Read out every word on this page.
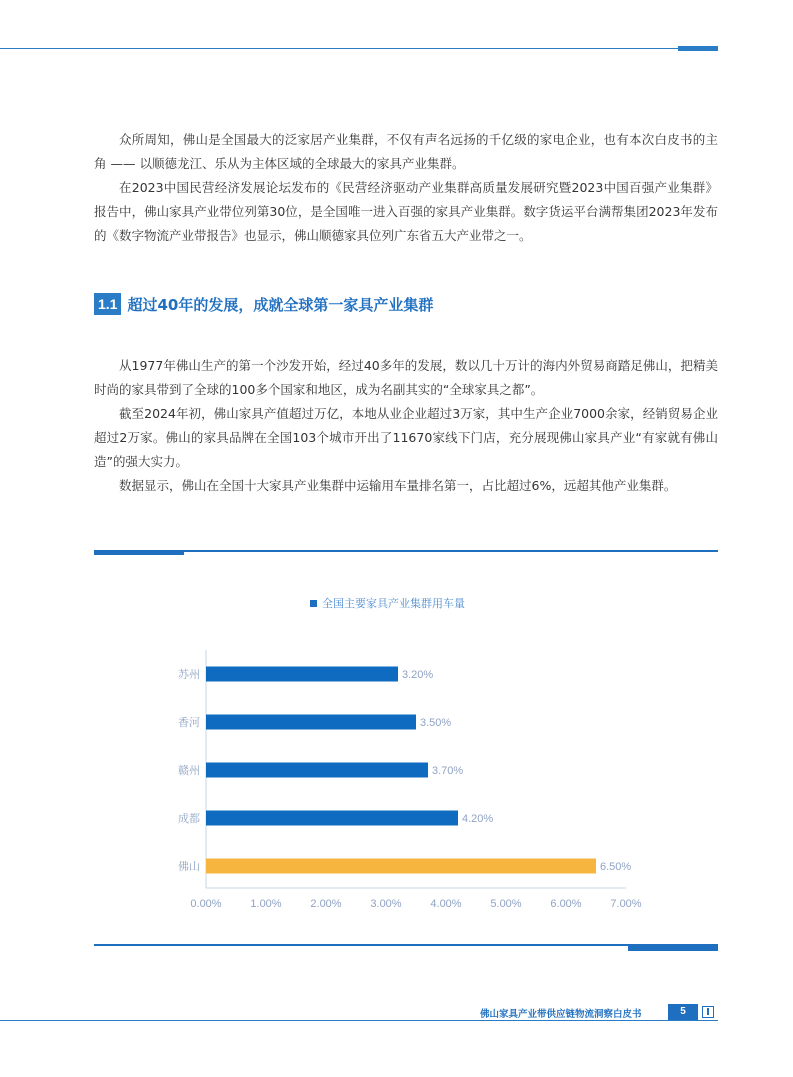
众所周知，佛山是全国最大的泛家居产业集群，不仅有声名远扬的千亿级的家电企业，也有本次白皮书的主角 —— 以顺德龙江、乐从为主体区域的全球最大的家具产业集群。

在2023中国民营经济发展论坛发布的《民营经济驱动产业集群高质量发展研究暨2023中国百强产业集群》报告中，佛山家具产业带位列第30位，是全国唯一进入百强的家具产业集群。数字货运平台满帮集团2023年发布的《数字物流产业带报告》也显示，佛山顺德家具位列广东省五大产业带之一。

1.1 超过40年的发展，成就全球第一家具产业集群

从1977年佛山生产的第一个沙发开始，经过40多年的发展，数以几十万计的海内外贸易商踏足佛山，把精美时尚的家具带到了全球的100多个国家和地区，成为名副其实的“全球家具之都”。

截至2024年初，佛山家具产值超过万亿，本地从业企业超过3万家，其中生产企业7000余家，经销贸易企业超过2万家。佛山的家具品牌在全国103个城市开出了11670家线下门店，充分展现佛山家具产业“有家就有佛山造”的强大实力。

数据显示，佛山在全国十大家具产业集群中运输用车量排名第一，占比超过6%，远超其他产业集群。

全国主要家具产业集群用车量
苏州	3.20%
香河	3.50%
赣州	3.70%
成都	4.20%
佛山	6.50%
0.00%	1.00%	2.00%	3.00%	4.00%	5.00%	6.00%	7.00%
佛山家具产业带供应链物流洞察白皮书	5
